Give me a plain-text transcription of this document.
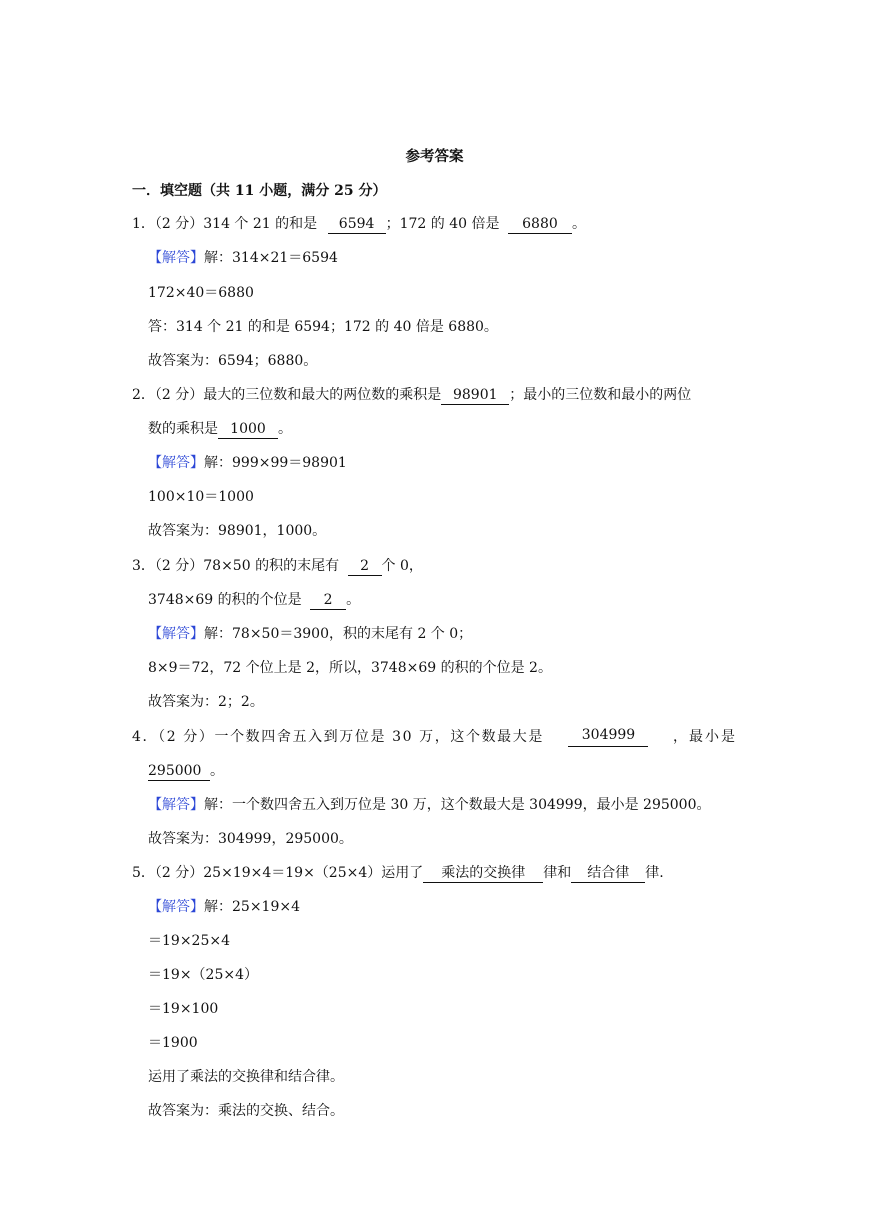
参考答案
一．填空题（共 11 小题，满分 25 分）
1．（2 分）314 个 21 的和是 6594 ；172 的 40 倍是 6880 。
【解答】解：314×21＝6594
172×40＝6880
答：314 个 21 的和是 6594；172 的 40 倍是 6880。
故答案为：6594；6880。
2．（2 分）最大的三位数和最大的两位数的乘积是 98901 ；最小的三位数和最小的两位
数的乘积是 1000 。
【解答】解：999×99＝98901
100×10＝1000
故答案为：98901，1000。
3．（2 分）78×50 的积的末尾有 2 个 0，
3748×69 的积的个位是 2 。
【解答】解：78×50＝3900，积的末尾有 2 个 0；
8×9＝72，72 个位上是 2，所以，3748×69 的积的个位是 2。
故答案为：2；2。
4．（2 分）一个数四舍五入到万位是 30 万，这个数最大是	304999	，最小是
295000 。
【解答】解：一个数四舍五入到万位是 30 万，这个数最大是 304999，最小是 295000。
故答案为：304999，295000。
5．（2 分）25×19×4＝19×（25×4）运用了 乘法的交换律 律和 结合律 律.
【解答】解：25×19×4
＝19×25×4
＝19×（25×4）
＝19×100
＝1900
运用了乘法的交换律和结合律。
故答案为：乘法的交换、结合。
